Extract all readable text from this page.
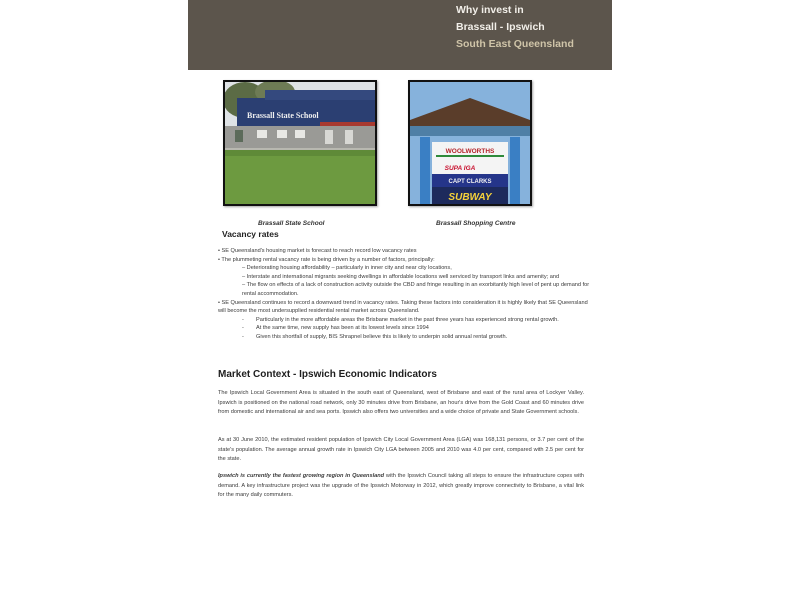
Why invest in
Brassall - Ipswich
South East Queensland
Brassall State School
WOOLWORTHS
SUPA IGA
CAPT CLARKS
SUBWAY
Brassall State School	Brassall Shopping Centre
Vacancy rates
• SE Queensland's housing market is forecast to reach record low vacancy rates
• The plummeting rental vacancy rate is being driven by a number of factors, principally:
– Deteriorating housing affordability – particularly in inner city and near city locations,
– Interstate and international migrants seeking dwellings in affordable locations well serviced by transport links and amenity; and
– The flow on effects of a lack of construction activity outside the CBD and fringe resulting in an exorbitantly high level of pent up demand for rental accommodation.
• SE Queensland continues to record a downward trend in vacancy rates. Taking these factors into consideration it is highly likely that SE Queensland will become the most undersupplied residential rental market across Queensland.
-	Particularly in the more affordable areas the Brisbane market in the past three years has experienced strong rental growth.
-	At the same time, new supply has been at its lowest levels since 1994
-	Given this shortfall of supply, BIS Shrapnel believe this is likely to underpin solid annual rental growth.
Market Context - Ipswich Economic Indicators
The Ipswich Local Government Area is situated in the south east of Queensland, west of Brisbane and east of the rural area of Lockyer Valley. Ipswich is positioned on the national road network, only 30 minutes drive from Brisbane, an hour's drive from the Gold Coast and 60 minutes drive from domestic and international air and sea ports. Ipswich also offers two universities and a wide choice of private and State Government schools.
As at 30 June 2010, the estimated resident population of Ipswich City Local Government Area (LGA) was 168,131 persons, or 3.7 per cent of the state's population. The average annual growth rate in Ipswich City LGA between 2005 and 2010 was 4.0 per cent, compared with 2.5 per cent for the state.
Ipswich is currently the fastest growing region in Queensland with the Ipswich Council taking all steps to ensure the infrastructure copes with demand. A key infrastructure project was the upgrade of the Ipswich Motorway in 2012, which greatly improve connectivity to Brisbane, a vital link for the many daily commuters.
